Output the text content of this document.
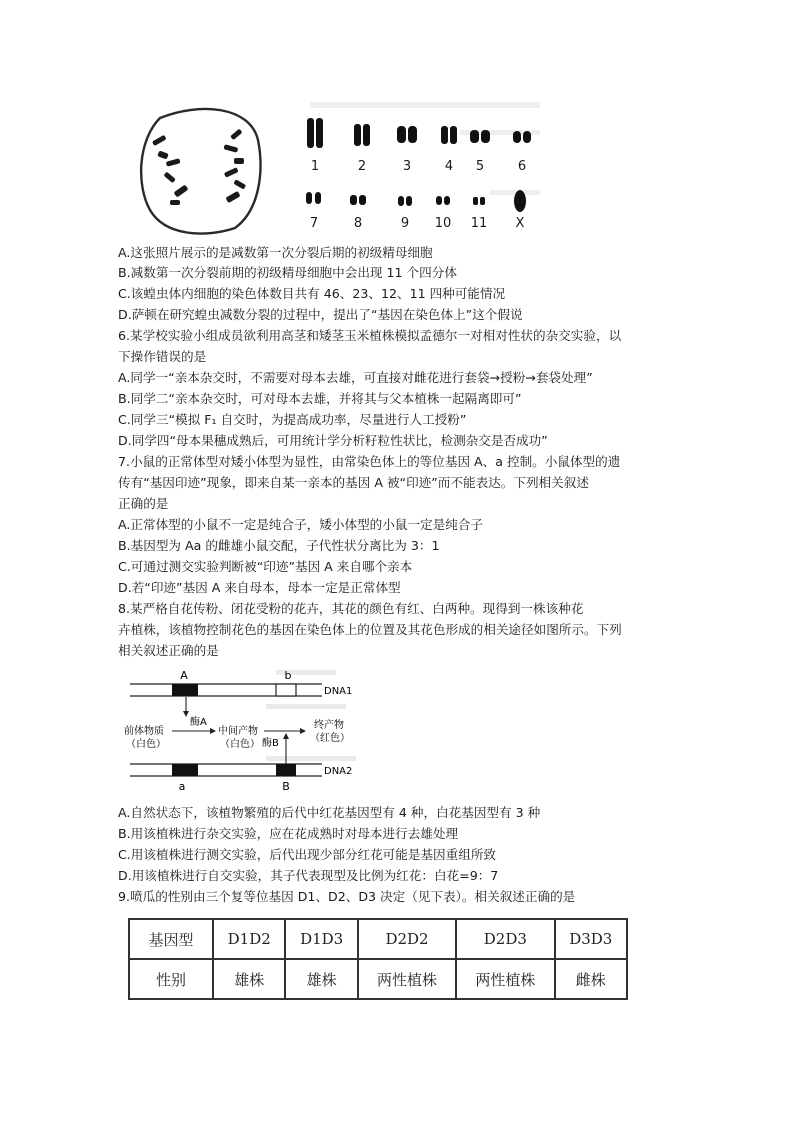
1	2	3	4 5	6
7	8	9 10 11 X
A.这张照片展示的是减数第一次分裂后期的初级精母细胞
B.减数第一次分裂前期的初级精母细胞中会出现 11 个四分体
C.该蝗虫体内细胞的染色体数目共有 46、23、12、11 四种可能情况
D.萨顿在研究蝗虫减数分裂的过程中，提出了“基因在染色体上”这个假说
6.某学校实验小组成员欲利用高茎和矮茎玉米植株模拟孟德尔一对相对性状的杂交实验，以
下操作错误的是
A.同学一“亲本杂交时，不需要对母本去雄，可直接对雌花进行套袋→授粉→套袋处理”
B.同学二“亲本杂交时，可对母本去雄，并将其与父本植株一起隔离即可”
C.同学三“模拟 F₁ 自交时，为提高成功率，尽量进行人工授粉”
D.同学四“母本果穗成熟后，可用统计学分析籽粒性状比，检测杂交是否成功”
7.小鼠的正常体型对矮小体型为显性，由常染色体上的等位基因 A、a 控制。小鼠体型的遗
传有“基因印迹”现象，即来自某一亲本的基因 A 被“印迹”而不能表达。下列相关叙述
正确的是
A.正常体型的小鼠不一定是纯合子，矮小体型的小鼠一定是纯合子
B.基因型为 Aa 的雌雄小鼠交配，子代性状分离比为 3：1
C.可通过测交实验判断被“印迹”基因 A 来自哪个亲本
D.若“印迹”基因 A 来自母本，母本一定是正常体型
8.某严格自花传粉、闭花受粉的花卉，其花的颜色有红、白两种。现得到一株该种花
卉植株，该植物控制花色的基因在染色体上的位置及其花色形成的相关途径如图所示。下列
相关叙述正确的是
A	b
DNA1
酶A
前体物质
（白色）
中间产物
（白色）
终产物
（红色）
酶B
a	B
DNA2
A.自然状态下，该植物繁殖的后代中红花基因型有 4 种，白花基因型有 3 种
B.用该植株进行杂交实验，应在花成熟时对母本进行去雄处理
C.用该植株进行测交实验，后代出现少部分红花可能是基因重组所致
D.用该植株进行自交实验，其子代表现型及比例为红花：白花=9：7
9.喷瓜的性别由三个复等位基因 D1、D2、D3 决定（见下表）。相关叙述正确的是
基因型	D1D2	D1D3	D2D2	D2D3	D3D3
性别	雄株	雄株	两性植株	两性植株	雌株
